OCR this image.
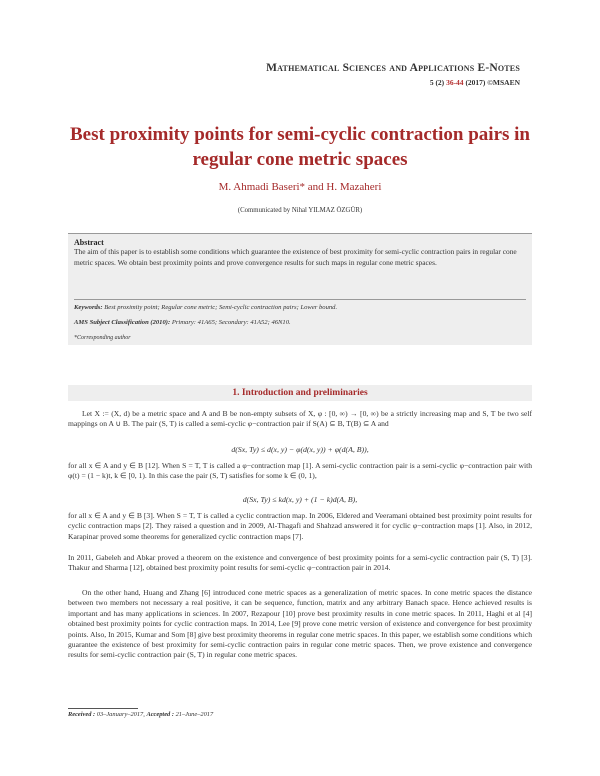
Mathematical Sciences and Applications E-Notes
5 (2) 36-44 (2017) ©MSAEN
Best proximity points for semi-cyclic contraction pairs in regular cone metric spaces
M. Ahmadi Baseri* and H. Mazaheri
(Communicated by Nihal YILMAZ ÖZGÜR)
Abstract
The aim of this paper is to establish some conditions which guarantee the existence of best proximity for semi-cyclic contraction pairs in regular cone metric spaces. We obtain best proximity points and prove convergence results for such maps in regular cone metric spaces.
Keywords: Best proximity point; Regular cone metric; Semi-cyclic contraction pairs; Lower bound.
AMS Subject Classification (2010): Primary: 41A65; Secondary: 41A52; 46N10.
*Corresponding author
1. Introduction and preliminaries
Let X := (X, d) be a metric space and A and B be non-empty subsets of X, φ : [0, ∞) → [0, ∞) be a strictly increasing map and S, T be two self mappings on A ∪ B. The pair (S, T) is called a semi-cyclic φ−contraction pair if S(A) ⊆ B, T(B) ⊆ A and
d(Sx, Ty) ≤ d(x, y) − φ(d(x, y)) + φ(d(A, B)),
for all x ∈ A and y ∈ B [12]. When S = T, T is called a φ−contraction map [1]. A semi-cyclic contraction pair is a semi-cyclic φ−contraction pair with φ(t) = (1 − k)t, k ∈ [0, 1). In this case the pair (S, T) satisfies for some k ∈ (0, 1),
d(Sx, Ty) ≤ kd(x, y) + (1 − k)d(A, B),
for all x ∈ A and y ∈ B [3]. When S = T, T is called a cyclic contraction map. In 2006, Eldered and Veeramani obtained best proximity point results for cyclic contraction maps [2]. They raised a question and in 2009, Al-Thagafi and Shahzad answered it for cyclic φ−contraction maps [1]. Also, in 2012, Karapinar proved some theorems for generalized cyclic contraction maps [7].
In 2011, Gabeleh and Abkar proved a theorem on the existence and convergence of best proximity points for a semi-cyclic contraction pair (S, T) [3]. Thakur and Sharma [12], obtained best proximity point results for semi-cyclic φ−contraction pair in 2014.
On the other hand, Huang and Zhang [6] introduced cone metric spaces as a generalization of metric spaces. In cone metric spaces the distance between two members not necessary a real positive, it can be sequence, function, matrix and any arbitrary Banach space. Hence achieved results is important and has many applications in sciences. In 2007, Rezapour [10] prove best proximity results in cone metric spaces. In 2011, Haghi et al [4] obtained best proximity points for cyclic contraction maps. In 2014, Lee [9] prove cone metric version of existence and convergence for best proximity points. Also, In 2015, Kumar and Som [8] give best proximity theorems in regular cone metric spaces. In this paper, we establish some conditions which guarantee the existence of best proximity for semi-cyclic contraction pairs in regular cone metric spaces. Then, we prove existence and convergence results for semi-cyclic contraction pair (S, T) in regular cone metric spaces.
Received : 03–January–2017, Accepted : 21–June–2017
